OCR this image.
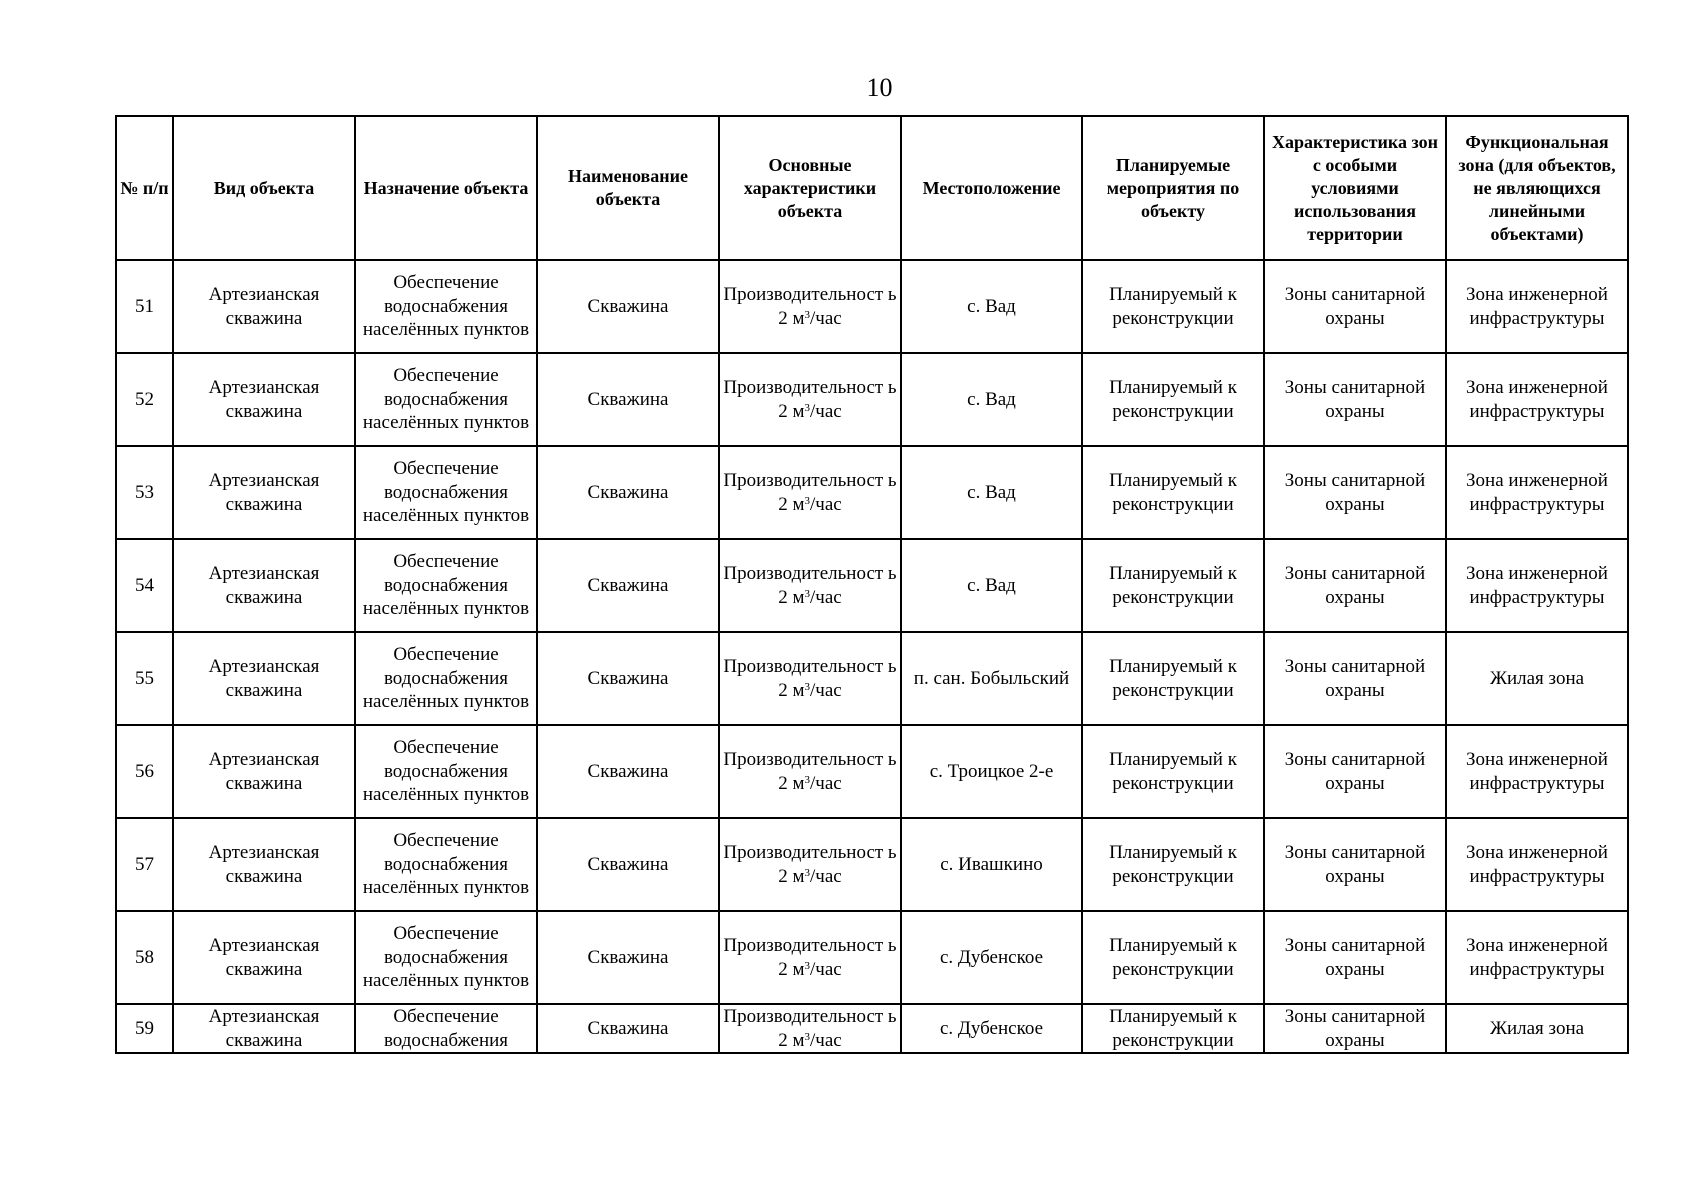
10
№ п/п	Вид объекта	Назначение объекта	Наименование объекта	Основные характеристики объекта	Местоположение	Планируемые мероприятия по объекту	Характеристика зон с особыми условиями использования территории	Функциональная зона (для объектов, не являющихся линейными объектами)
51	Артезианская скважина	Обеспечение водоснабжения населённых пунктов	Скважина	Производительност ь 2 $м^3$/час	с. Вад	Планируемый к реконструкции	Зоны санитарной охраны	Зона инженерной инфраструктуры
52	Артезианская скважина	Обеспечение водоснабжения населённых пунктов	Скважина	Производительност ь 2 $м^3$/час	с. Вад	Планируемый к реконструкции	Зоны санитарной охраны	Зона инженерной инфраструктуры
53	Артезианская скважина	Обеспечение водоснабжения населённых пунктов	Скважина	Производительност ь 2 $м^3$/час	с. Вад	Планируемый к реконструкции	Зоны санитарной охраны	Зона инженерной инфраструктуры
54	Артезианская скважина	Обеспечение водоснабжения населённых пунктов	Скважина	Производительност ь 2 $м^3$/час	с. Вад	Планируемый к реконструкции	Зоны санитарной охраны	Зона инженерной инфраструктуры
55	Артезианская скважина	Обеспечение водоснабжения населённых пунктов	Скважина	Производительност ь 2 $м^3$/час	п. сан. Бобыльский	Планируемый к реконструкции	Зоны санитарной охраны	Жилая зона
56	Артезианская скважина	Обеспечение водоснабжения населённых пунктов	Скважина	Производительност ь 2 $м^3$/час	с. Троицкое 2-е	Планируемый к реконструкции	Зоны санитарной охраны	Зона инженерной инфраструктуры
57	Артезианская скважина	Обеспечение водоснабжения населённых пунктов	Скважина	Производительност ь 2 $м^3$/час	с. Ивашкино	Планируемый к реконструкции	Зоны санитарной охраны	Зона инженерной инфраструктуры
58	Артезианская скважина	Обеспечение водоснабжения населённых пунктов	Скважина	Производительност ь 2 $м^3$/час	с. Дубенское	Планируемый к реконструкции	Зоны санитарной охраны	Зона инженерной инфраструктуры
59	Артезианская скважина	Обеспечение водоснабжения	Скважина	Производительност ь 2 $м^3$/час	с. Дубенское	Планируемый к реконструкции	Зоны санитарной охраны	Жилая зона
